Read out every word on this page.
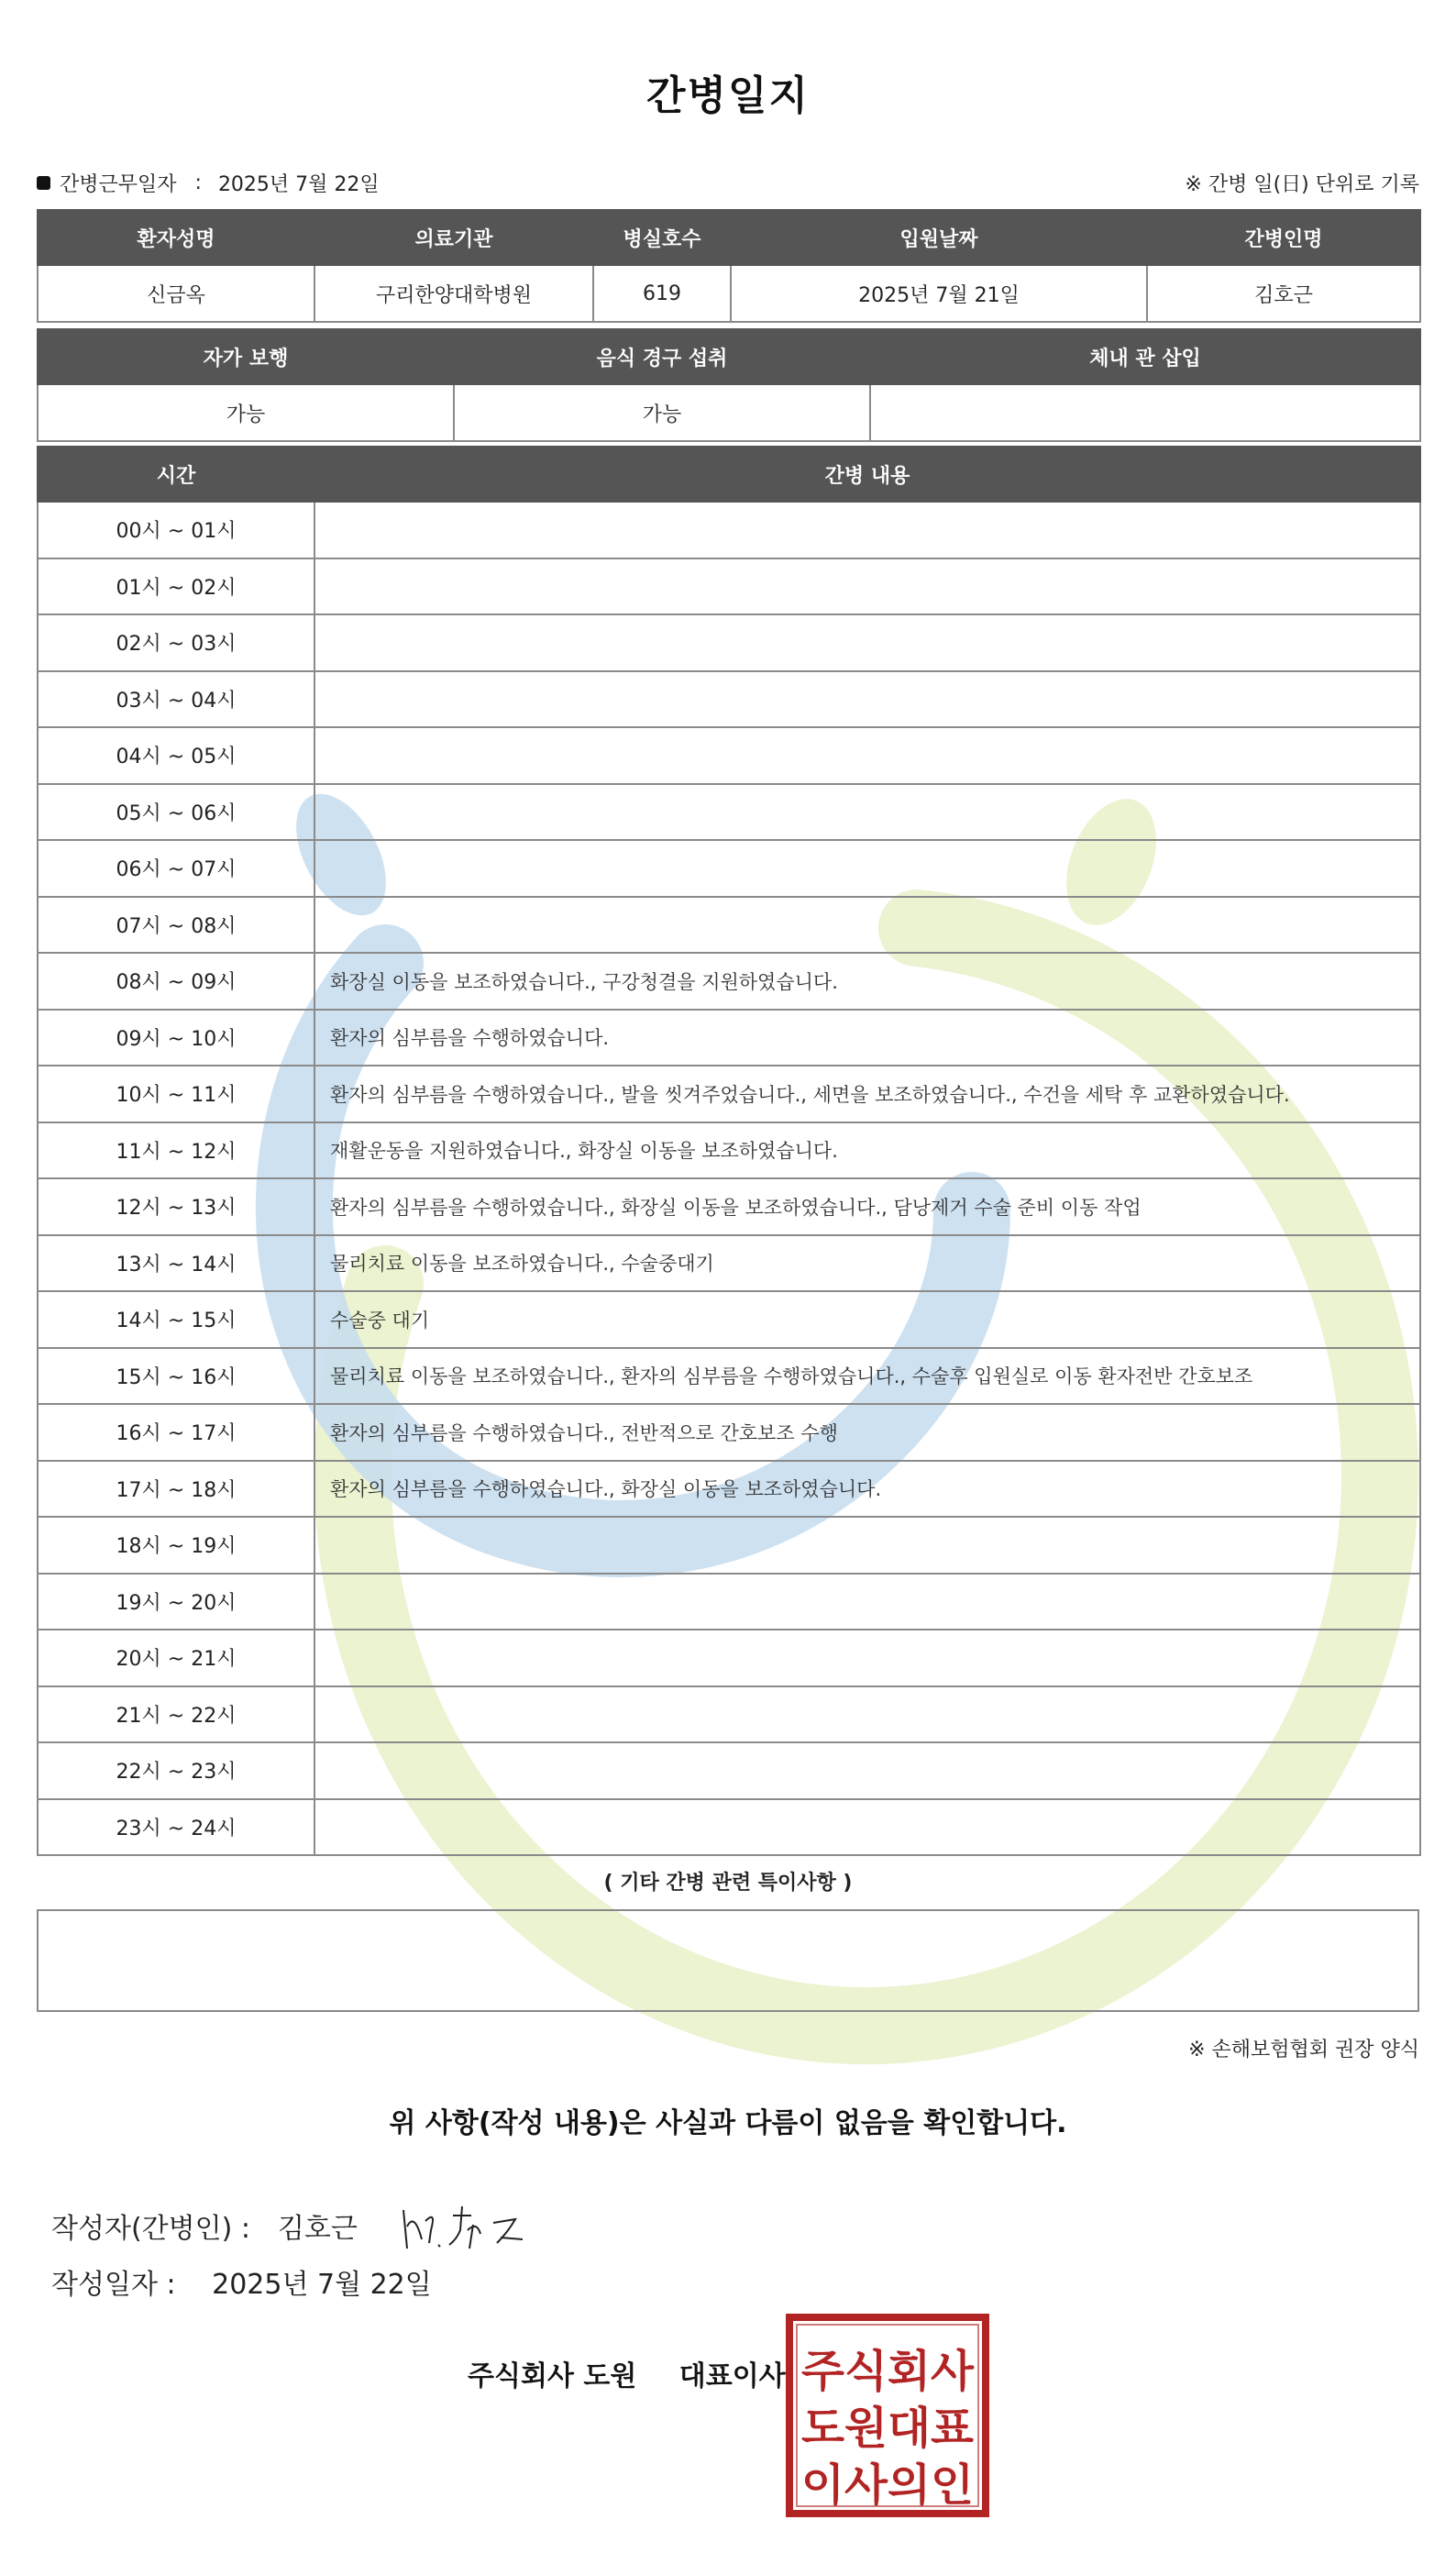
간병일지
간병근무일자 : 2025년 7월 22일	※ 간병 일(日) 단위로 기록
환자성명	의료기관	병실호수	입원날짜	간병인명
신금옥	구리한양대학병원	619	2025년 7월 21일	김호근
자가 보행	음식 경구 섭취	체내 관 삽입
가능	가능	
시간	간병 내용
00시 ~ 01시	
01시 ~ 02시	
02시 ~ 03시	
03시 ~ 04시	
04시 ~ 05시	
05시 ~ 06시	
06시 ~ 07시	
07시 ~ 08시	
08시 ~ 09시	화장실 이동을 보조하였습니다., 구강청결을 지원하였습니다.
09시 ~ 10시	환자의 심부름을 수행하였습니다.
10시 ~ 11시	환자의 심부름을 수행하였습니다., 발을 씻겨주었습니다., 세면을 보조하였습니다., 수건을 세탁 후 교환하였습니다.
11시 ~ 12시	재활운동을 지원하였습니다., 화장실 이동을 보조하였습니다.
12시 ~ 13시	환자의 심부름을 수행하였습니다., 화장실 이동을 보조하였습니다., 담낭제거 수술 준비 이동 작업
13시 ~ 14시	물리치료 이동을 보조하였습니다., 수술중대기
14시 ~ 15시	수술중 대기
15시 ~ 16시	물리치료 이동을 보조하였습니다., 환자의 심부름을 수행하였습니다., 수술후 입원실로 이동 환자전반 간호보조
16시 ~ 17시	환자의 심부름을 수행하였습니다., 전반적으로 간호보조 수행
17시 ~ 18시	환자의 심부름을 수행하였습니다., 화장실 이동을 보조하였습니다.
18시 ~ 19시	
19시 ~ 20시	
20시 ~ 21시	
21시 ~ 22시	
22시 ~ 23시	
23시 ~ 24시	
( 기타 간병 관련 특이사항 )
※ 손해보험협회 권장 양식
위 사항(작성 내용)은 사실과 다름이 없음을 확인합니다.
작성자(간병인) : 김호근
작성일자 : 2025년 7월 22일
주식회사 도원 대표이사 주식회사
도원대표
이사의인
